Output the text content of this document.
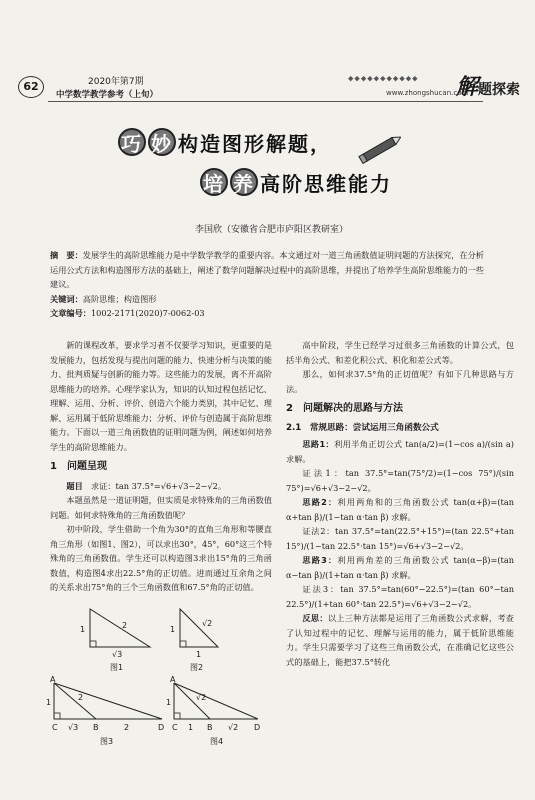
62	2020年第7期
中学数学教学参考（上旬）
◆◆◆◆◆◆◆◆◆◆◆
www.zhongshucan.com
解题探索
巧 妙 构造图形解题，
培 养 高阶思维能力
李国欣（安徽省合肥市庐阳区教研室）
摘　要：发展学生的高阶思维能力是中学数学教学的重要内容。本文通过对一道三角函数值证明问题的方法探究，在分析运用公式方法和构造图形方法的基础上，阐述了数学问题解决过程中的高阶思维，并提出了培养学生高阶思维能力的一些建议。
关键词：高阶思维；构造图形
文章编号：1002-2171(2020)7-0062-03

新的课程改革，要求学习者不仅要学习知识，更重要的是发展能力，包括发现与提出问题的能力、快速分析与决策的能力、批判质疑与创新的能力等。这些能力的发展，离不开高阶思维能力的培养。心理学家认为，知识的认知过程包括记忆、理解、运用、分析、评价、创造六个能力类别，其中记忆、理解、运用属于低阶思维能力；分析、评价与创造属于高阶思维能力。下面以一道三角函数值的证明问题为例，阐述如何培养学生的高阶思维能力。

1　问题呈现

题目　 求证：tan 37.5°=√6+√3−2−√2。

本题虽然是一道证明题，但实质是求特殊角的三角函数值问题。如何求特殊角的三角函数值呢？

初中阶段，学生借助一个角为30°的直角三角形和等腰直角三角形（如图1、图2），可以求出30°，45°，60°这三个特殊角的三角函数值。学生还可以构造图3求出15°角的三角函数值，构造图4求出22.5°角的正切值。进而通过互余角之间的关系求出75°角的三个三角函数值和67.5°角的正切值。

1	2
√3
图1
1
√2
1
图2
A
1
2
C √3 B	2	D
图3
A
1
√2
C 1 B √2 D
图4

高中阶段，学生已经学习过很多三角函数的计算公式，包括半角公式、和差化积公式、积化和差公式等。

那么，如何求37.5°角的正切值呢？有如下几种思路与方法。

2　问题解决的思路与方法
2.1　常规思路：尝试运用三角函数公式
思路1：利用半角正切公式 tan(a/2)=(1−cos a)/(sin a) 求解。
证法1：tan 37.5°=tan(75°/2)=(1−cos 75°)/(sin 75°)=√6+√3−2−√2。
思路2：利用两角和的三角函数公式 tan(α+β)=(tan α+tan β)/(1−tan α·tan β) 求解。
证法2：tan 37.5°=tan(22.5°+15°)=(tan 22.5°+tan 15°)/(1−tan 22.5°·tan 15°)=√6+√3−2−√2。
思路3：利用两角差的三角函数公式 tan(α−β)=(tan α−tan β)/(1+tan α·tan β) 求解。
证法3：tan 37.5°=tan(60°−22.5°)=(tan 60°−tan 22.5°)/(1+tan 60°·tan 22.5°)=√6+√3−2−√2。
反思：以上三种方法都是运用了三角函数公式求解，考查了认知过程中的记忆、理解与运用的能力，属于低阶思维能力。学生只需要学习了这些三角函数公式，在准确记忆这些公式的基础上，能把37.5°转化
